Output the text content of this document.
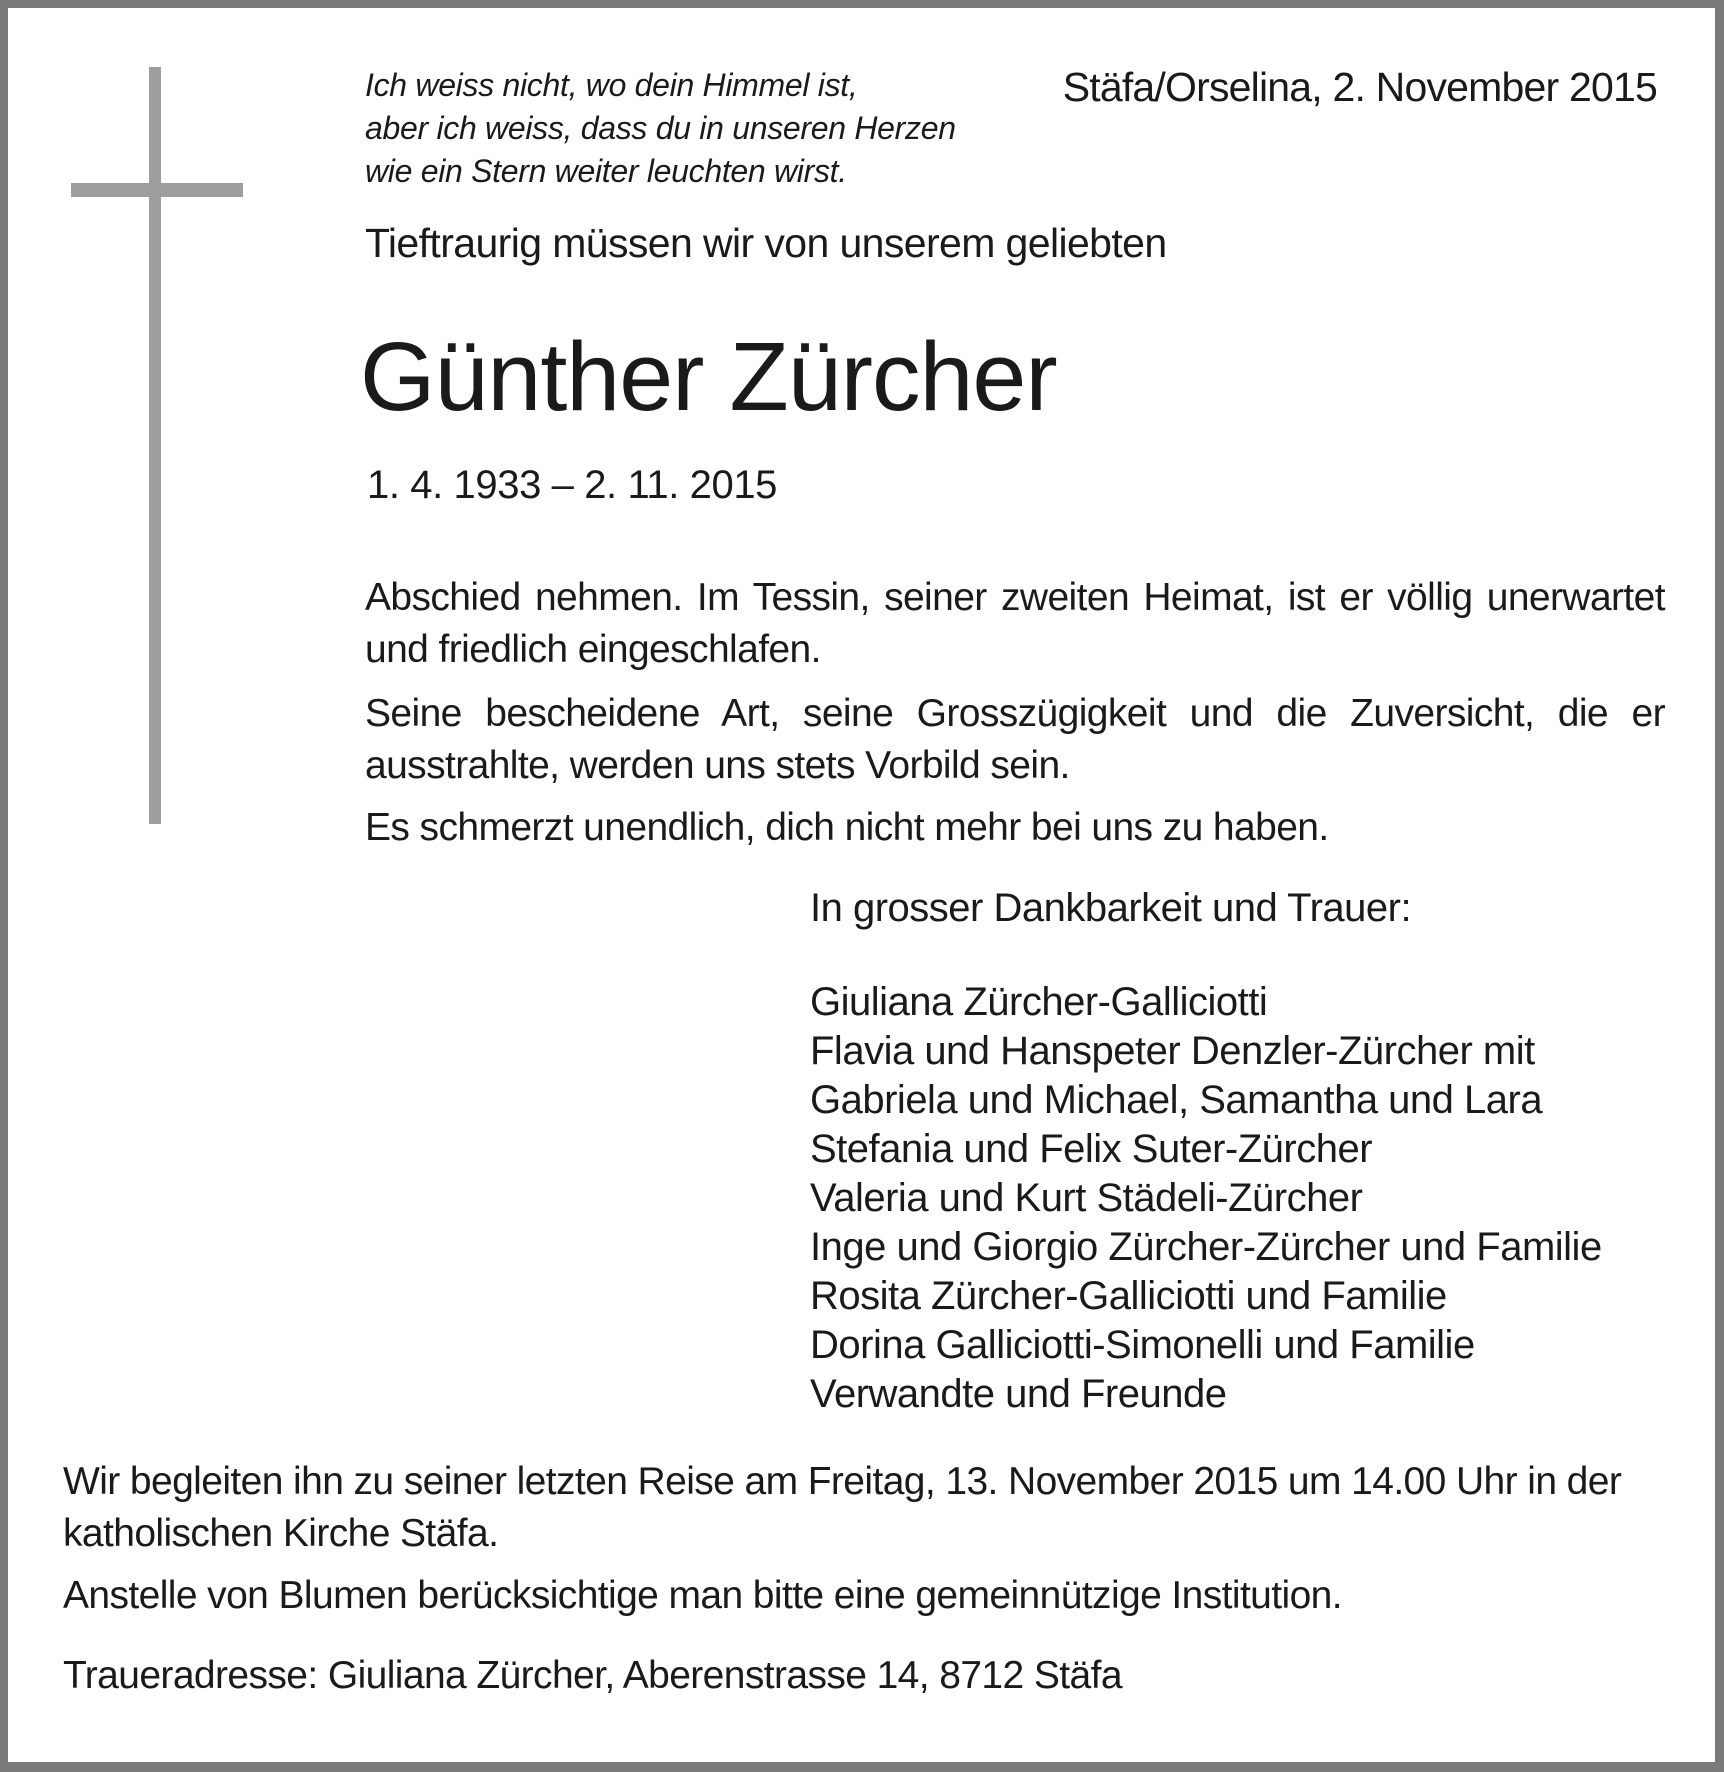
Ich weiss nicht, wo dein Himmel ist,
aber ich weiss, dass du in unseren Herzen
wie ein Stern weiter leuchten wirst.
Stäfa/Orselina, 2. November 2015
Tieftraurig müssen wir von unserem geliebten
Günther Zürcher
1. 4. 1933 – 2. 11. 2015
Abschied nehmen. Im Tessin, seiner zweiten Heimat, ist er völlig unerwartet und friedlich eingeschlafen.
Seine bescheidene Art, seine Grosszügigkeit und die Zuversicht, die er ausstrahlte, werden uns stets Vorbild sein.
Es schmerzt unendlich, dich nicht mehr bei uns zu haben.
In grosser Dankbarkeit und Trauer:
Giuliana Zürcher-Galliciotti
Flavia und Hanspeter Denzler-Zürcher mit
Gabriela und Michael, Samantha und Lara
Stefania und Felix Suter-Zürcher
Valeria und Kurt Städeli-Zürcher
Inge und Giorgio Zürcher-Zürcher und Familie
Rosita Zürcher-Galliciotti und Familie
Dorina Galliciotti-Simonelli und Familie
Verwandte und Freunde
Wir begleiten ihn zu seiner letzten Reise am Freitag, 13. November 2015 um 14.00 Uhr in der katholischen Kirche Stäfa.
Anstelle von Blumen berücksichtige man bitte eine gemeinnützige Institution.
Traueradresse: Giuliana Zürcher, Aberenstrasse 14, 8712 Stäfa
